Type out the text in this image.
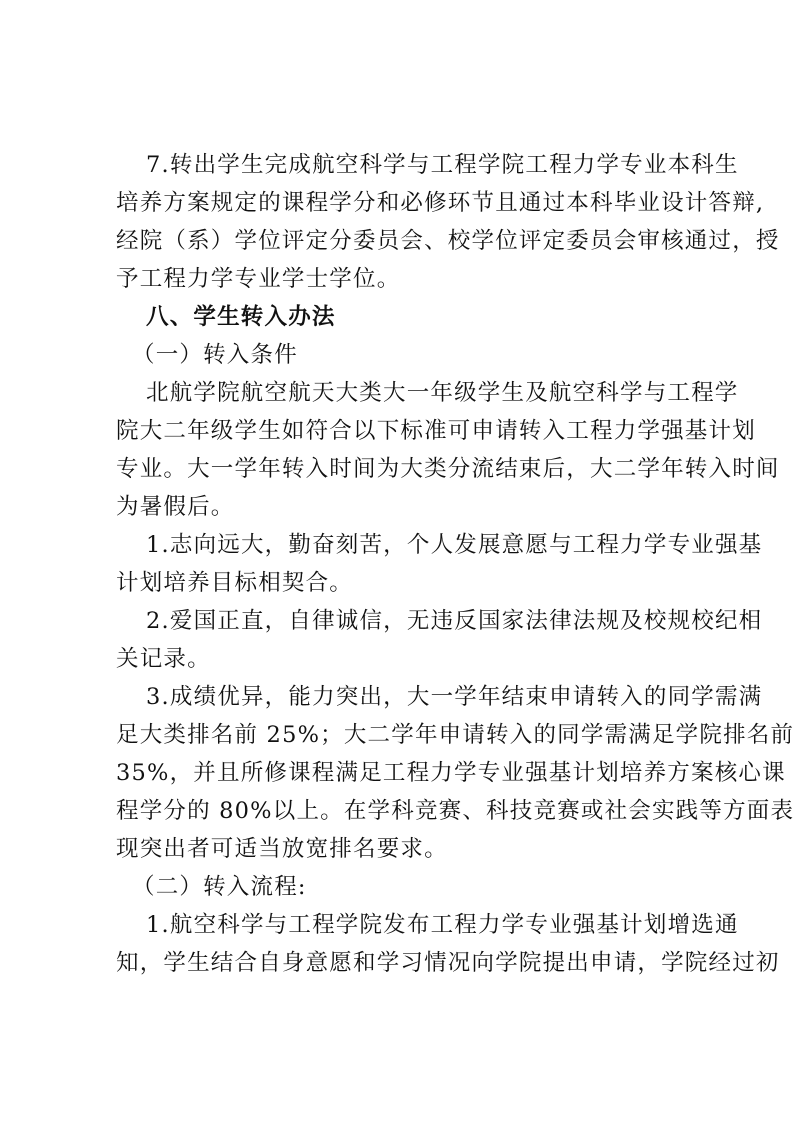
7.转出学生完成航空科学与工程学院工程力学专业本科生
培养方案规定的课程学分和必修环节且通过本科毕业设计答辩,
经院（系）学位评定分委员会、校学位评定委员会审核通过，授
予工程力学专业学士学位。
八、学生转入办法
（一）转入条件
北航学院航空航天大类大一年级学生及航空科学与工程学
院大二年级学生如符合以下标准可申请转入工程力学强基计划
专业。大一学年转入时间为大类分流结束后，大二学年转入时间
为暑假后。
1.志向远大，勤奋刻苦，个人发展意愿与工程力学专业强基
计划培养目标相契合。
2.爱国正直，自律诚信，无违反国家法律法规及校规校纪相
关记录。
3.成绩优异，能力突出，大一学年结束申请转入的同学需满
足大类排名前 25%；大二学年申请转入的同学需满足学院排名前
35%，并且所修课程满足工程力学专业强基计划培养方案核心课
程学分的 80%以上。在学科竞赛、科技竞赛或社会实践等方面表
现突出者可适当放宽排名要求。
（二）转入流程:
1.航空科学与工程学院发布工程力学专业强基计划增选通
知，学生结合自身意愿和学习情况向学院提出申请，学院经过初
